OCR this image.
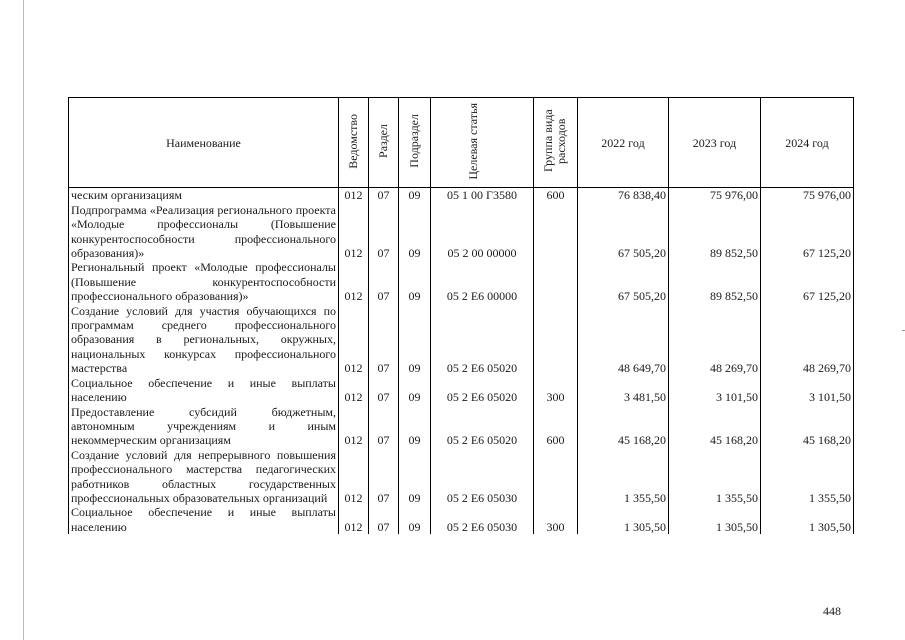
Наименование	Ведомство	Раздел	Подраздел	Целевая статья	Группа вида расходов	2022 год	2023 год	2024 год
ческим организациям	012	07	09	05 1 00 Г3580	600	76 838,40	75 976,00	75 976,00
Подпрограмма «Реализация регионального проекта «Молодые профессионалы (Повышение конкурентоспособности профессионального образования)»	012	07	09	05 2 00 00000		67 505,20	89 852,50	67 125,20
Региональный проект «Молодые профессионалы (Повышение конкурентоспособности профессионального образования)»	012	07	09	05 2 E6 00000		67 505,20	89 852,50	67 125,20
Создание условий для участия обучающихся по программам среднего профессионального образования в региональных, окружных, национальных конкурсах профессионального мастерства	012	07	09	05 2 E6 05020		48 649,70	48 269,70	48 269,70
Социальное обеспечение и иные выплаты населению	012	07	09	05 2 E6 05020	300	3 481,50	3 101,50	3 101,50
Предоставление субсидий бюджетным, автономным учреждениям и иным некоммерческим организациям	012	07	09	05 2 E6 05020	600	45 168,20	45 168,20	45 168,20
Создание условий для непрерывного повышения профессионального мастерства педагогических работников областных государственных профессиональных образовательных организаций	012	07	09	05 2 E6 05030		1 355,50	1 355,50	1 355,50
Социальное обеспечение и иные выплаты населению	012	07	09	05 2 E6 05030	300	1 305,50	1 305,50	1 305,50
448
